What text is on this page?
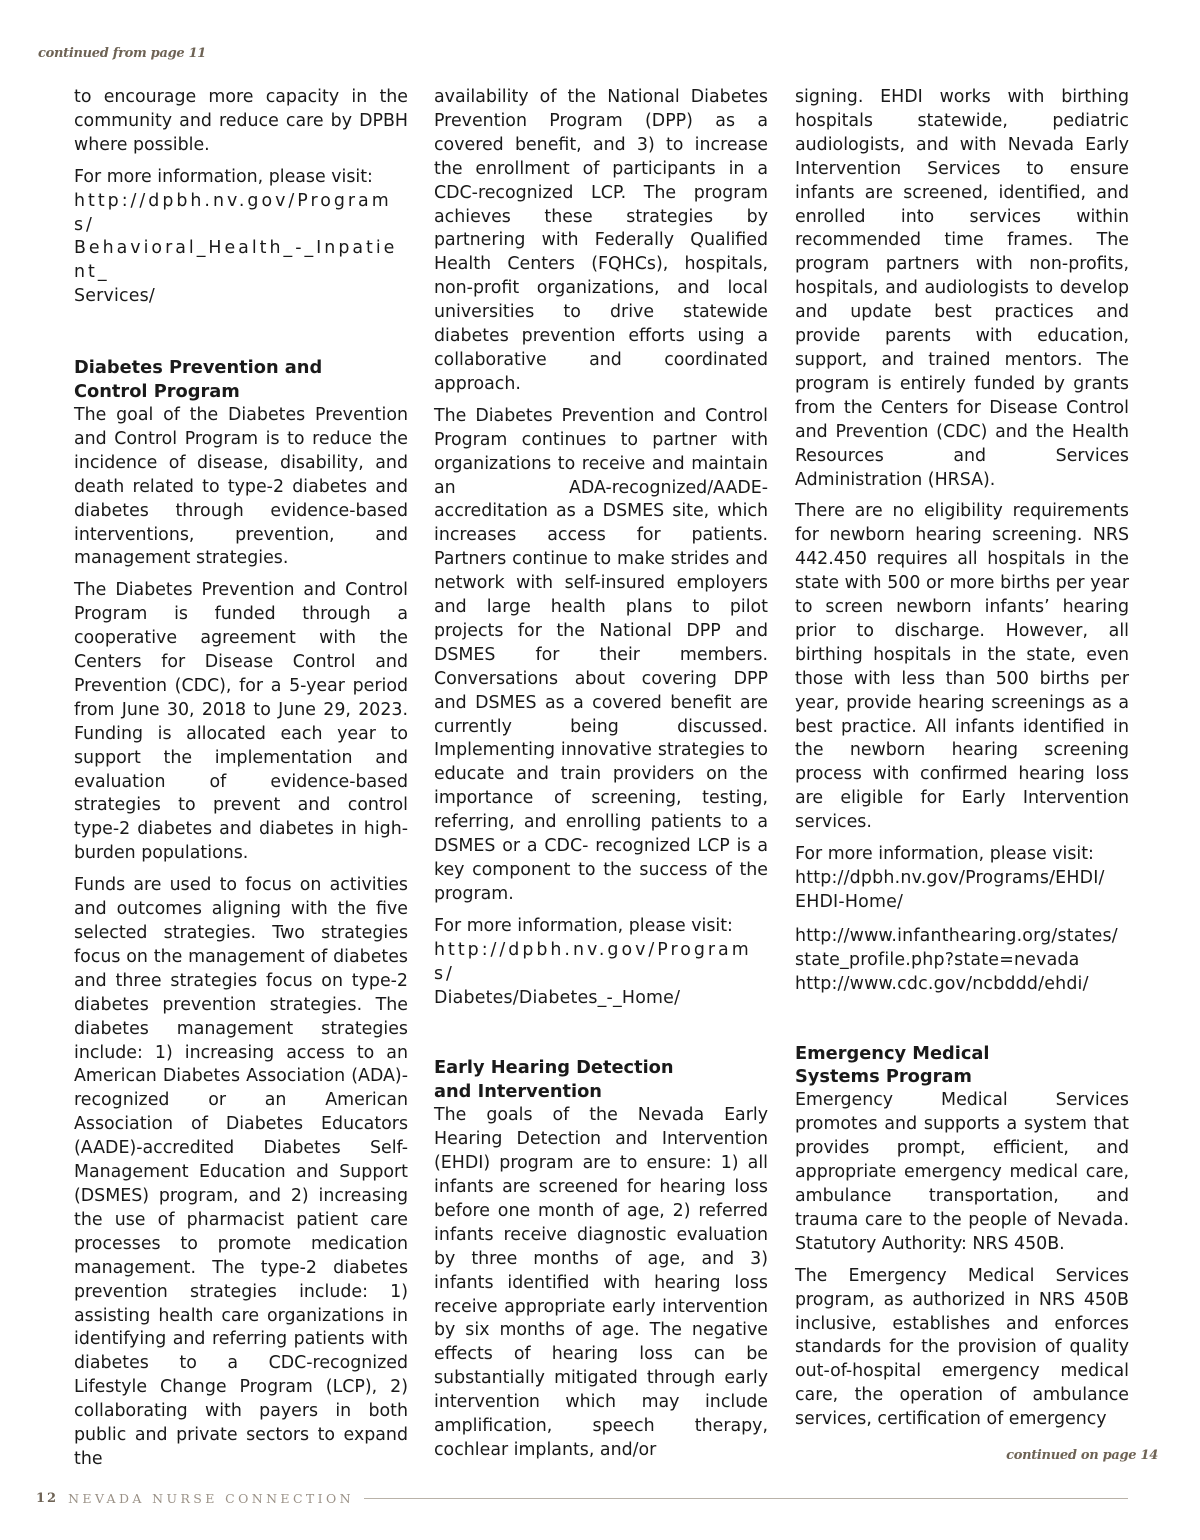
continued from page 11

to encourage more capacity in the community and reduce care by DPBH where possible.

For more information, please visit:

http://dpbh.nv.gov/Programs/
Behavioral_Health_-_Inpatient_
Services/
Diabetes Prevention and
Control Program

The goal of the Diabetes Prevention and Control Program is to reduce the incidence of disease, disability, and death related to type-2 diabetes and diabetes through evidence-based interventions, prevention, and management strategies.

The Diabetes Prevention and Control Program is funded through a cooperative agreement with the Centers for Disease Control and Prevention (CDC), for a 5-year period from June 30, 2018 to June 29, 2023. Funding is allocated each year to support the implementation and evaluation of evidence-based strategies to prevent and control type-2 diabetes and diabetes in high-burden populations.

Funds are used to focus on activities and outcomes aligning with the five selected strategies. Two strategies focus on the management of diabetes and three strategies focus on type-2 diabetes prevention strategies. The diabetes management strategies include: 1) increasing access to an American Diabetes Association (ADA)-recognized or an American Association of Diabetes Educators (AADE)-accredited Diabetes Self- Management Education and Support (DSMES) program, and 2) increasing the use of pharmacist patient care processes to promote medication management. The type-2 diabetes prevention strategies include: 1) assisting health care organizations in identifying and referring patients with diabetes to a CDC-recognized Lifestyle Change Program (LCP), 2) collaborating with payers in both public and private sectors to expand the

availability of the National Diabetes Prevention Program (DPP) as a covered benefit, and 3) to increase the enrollment of participants in a CDC-recognized LCP. The program achieves these strategies by partnering with Federally Qualified Health Centers (FQHCs), hospitals, non-profit organizations, and local universities to drive statewide diabetes prevention efforts using a collaborative and coordinated approach.

The Diabetes Prevention and Control Program continues to partner with organizations to receive and maintain an ADA-recognized/AADE-accreditation as a DSMES site, which increases access for patients. Partners continue to make strides and network with self-insured employers and large health plans to pilot projects for the National DPP and DSMES for their members. Conversations about covering DPP and DSMES as a covered benefit are currently being discussed. Implementing innovative strategies to educate and train providers on the importance of screening, testing, referring, and enrolling patients to a DSMES or a CDC- recognized LCP is a key component to the success of the program.

For more information, please visit:

http://dpbh.nv.gov/Programs/
Diabetes/Diabetes_-_Home/
Early Hearing Detection
and Intervention

The goals of the Nevada Early Hearing Detection and Intervention (EHDI) program are to ensure: 1) all infants are screened for hearing loss before one month of age, 2) referred infants receive diagnostic evaluation by three months of age, and 3) infants identified with hearing loss receive appropriate early intervention by six months of age. The negative effects of hearing loss can be substantially mitigated through early intervention which may include amplification, speech therapy, cochlear implants, and/or

signing. EHDI works with birthing hospitals statewide, pediatric audiologists, and with Nevada Early Intervention Services to ensure infants are screened, identified, and enrolled into services within recommended time frames. The program partners with non-profits, hospitals, and audiologists to develop and update best practices and provide parents with education, support, and trained mentors. The program is entirely funded by grants from the Centers for Disease Control and Prevention (CDC) and the Health Resources and Services Administration (HRSA).

There are no eligibility requirements for newborn hearing screening. NRS 442.450 requires all hospitals in the state with 500 or more births per year to screen newborn infants’ hearing prior to discharge. However, all birthing hospitals in the state, even those with less than 500 births per year, provide hearing screenings as a best practice. All infants identified in the newborn hearing screening process with confirmed hearing loss are eligible for Early Intervention services.

For more information, please visit:

http://dpbh.nv.gov/Programs/EHDI/
EHDI-Home/
http://www.infanthearing.org/states/
state_profile.php?state=nevada
http://www.cdc.gov/ncbddd/ehdi/
Emergency Medical
Systems Program

Emergency Medical Services promotes and supports a system that provides prompt, efficient, and appropriate emergency medical care, ambulance transportation, and trauma care to the people of Nevada. Statutory Authority: NRS 450B.

The Emergency Medical Services program, as authorized in NRS 450B inclusive, establishes and enforces standards for the provision of quality out-of-hospital emergency medical care, the operation of ambulance services, certification of emergency

continued on page 14
12 NEVADA NURSE CONNECTION
